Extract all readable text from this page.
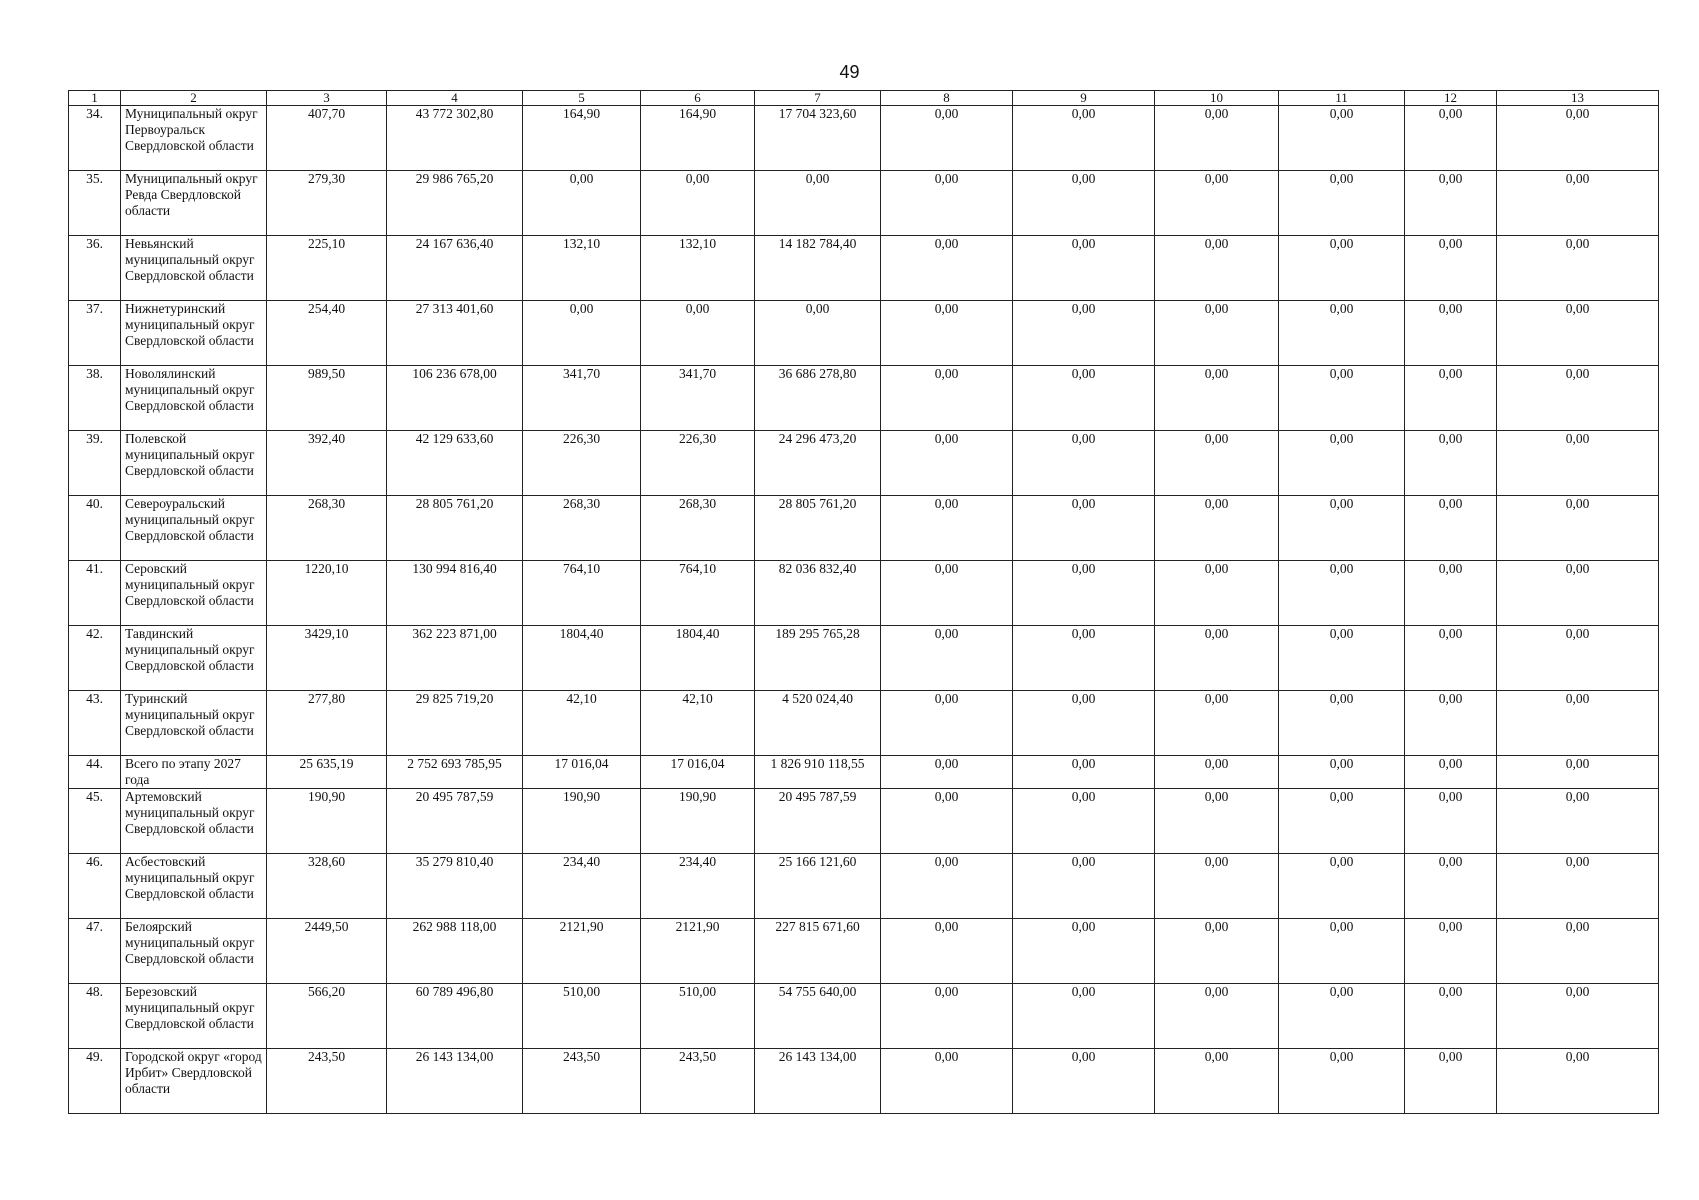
49
1	2	3	4	5	6	7	8	9	10	11	12	13
34.	Муниципальный округ Первоуральск Свердловской области	407,70	43 772 302,80	164,90	164,90	17 704 323,60	0,00	0,00	0,00	0,00	0,00	0,00
35.	Муниципальный округ Ревда Свердловской области	279,30	29 986 765,20	0,00	0,00	0,00	0,00	0,00	0,00	0,00	0,00	0,00
36.	Невьянский муниципальный округ Свердловской области	225,10	24 167 636,40	132,10	132,10	14 182 784,40	0,00	0,00	0,00	0,00	0,00	0,00
37.	Нижнетуринский муниципальный округ Свердловской области	254,40	27 313 401,60	0,00	0,00	0,00	0,00	0,00	0,00	0,00	0,00	0,00
38.	Новолялинский муниципальный округ Свердловской области	989,50	106 236 678,00	341,70	341,70	36 686 278,80	0,00	0,00	0,00	0,00	0,00	0,00
39.	Полевской муниципальный округ Свердловской области	392,40	42 129 633,60	226,30	226,30	24 296 473,20	0,00	0,00	0,00	0,00	0,00	0,00
40.	Североуральский муниципальный округ Свердловской области	268,30	28 805 761,20	268,30	268,30	28 805 761,20	0,00	0,00	0,00	0,00	0,00	0,00
41.	Серовский муниципальный округ Свердловской области	1220,10	130 994 816,40	764,10	764,10	82 036 832,40	0,00	0,00	0,00	0,00	0,00	0,00
42.	Тавдинский муниципальный округ Свердловской области	3429,10	362 223 871,00	1804,40	1804,40	189 295 765,28	0,00	0,00	0,00	0,00	0,00	0,00
43.	Туринский муниципальный округ Свердловской области	277,80	29 825 719,20	42,10	42,10	4 520 024,40	0,00	0,00	0,00	0,00	0,00	0,00
44.	Всего по этапу 2027 года	25 635,19	2 752 693 785,95	17 016,04	17 016,04	1 826 910 118,55	0,00	0,00	0,00	0,00	0,00	0,00
45.	Артемовский муниципальный округ Свердловской области	190,90	20 495 787,59	190,90	190,90	20 495 787,59	0,00	0,00	0,00	0,00	0,00	0,00
46.	Асбестовский муниципальный округ Свердловской области	328,60	35 279 810,40	234,40	234,40	25 166 121,60	0,00	0,00	0,00	0,00	0,00	0,00
47.	Белоярский муниципальный округ Свердловской области	2449,50	262 988 118,00	2121,90	2121,90	227 815 671,60	0,00	0,00	0,00	0,00	0,00	0,00
48.	Березовский муниципальный округ Свердловской области	566,20	60 789 496,80	510,00	510,00	54 755 640,00	0,00	0,00	0,00	0,00	0,00	0,00
49.	Городской округ «город Ирбит» Свердловской области	243,50	26 143 134,00	243,50	243,50	26 143 134,00	0,00	0,00	0,00	0,00	0,00	0,00
